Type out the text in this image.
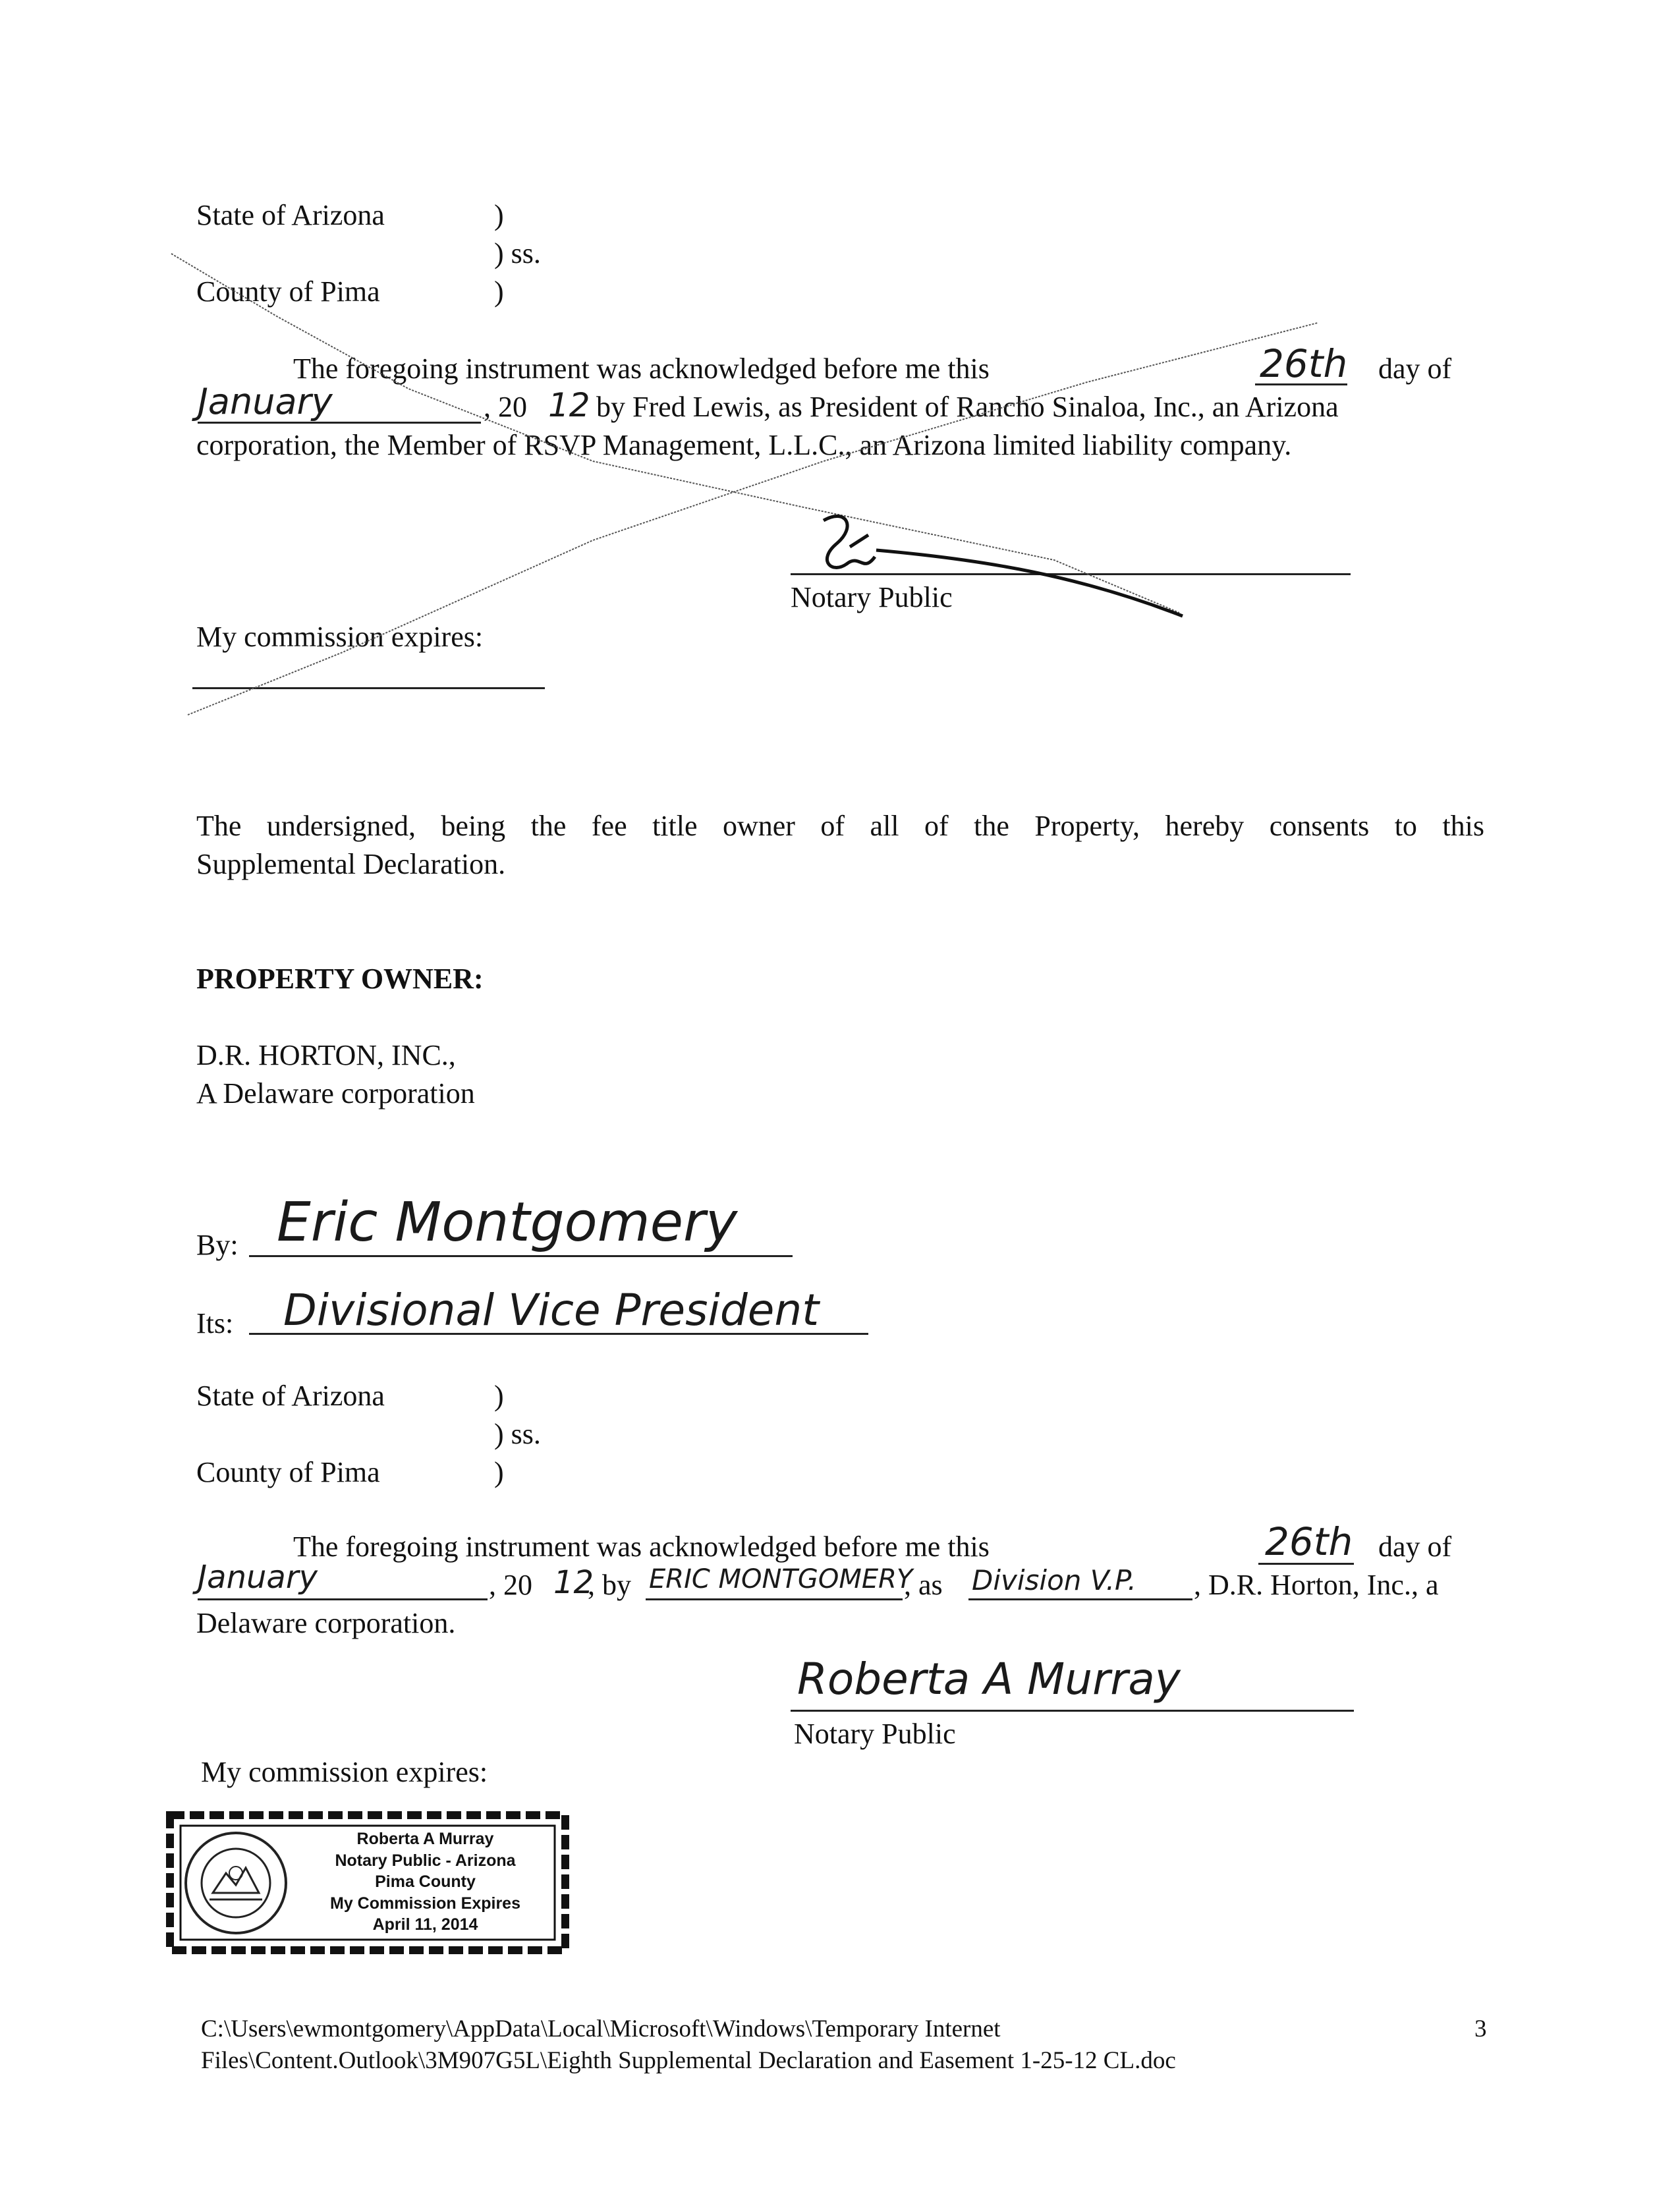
State of Arizona	)
) ss.
County of Pima	)
The foregoing instrument was acknowledged before me this	26th day of
January	, 20 12 by Fred Lewis, as President of Rancho Sinaloa, Inc., an Arizona
corporation, the Member of RSVP Management, L.L.C., an Arizona limited liability company.
Notary Public
My commission expires:
The undersigned, being the fee title owner of all of the Property, hereby consents to this
Supplemental Declaration.
PROPERTY OWNER:
D.R. HORTON, INC.,
A Delaware corporation
By: Eric Montgomery
Its: Divisional Vice President
State of Arizona	)
) ss.
County of Pima	)
The foregoing instrument was acknowledged before me this	26th day of
January	, 20 12
, by ERIC MONTGOMERY
, as Division V.P. , D.R. Horton, Inc., a
Delaware corporation.
Roberta A Murray
Notary Public
My commission expires:
Roberta A Murray
Notary Public - Arizona
Pima County
My Commission Expires
April 11, 2014
C:\Users\ewmontgomery\AppData\Local\Microsoft\Windows\Temporary Internet
Files\Content.Outlook\3M907G5L\Eighth Supplemental Declaration and Easement 1-25-12 CL.doc
3
